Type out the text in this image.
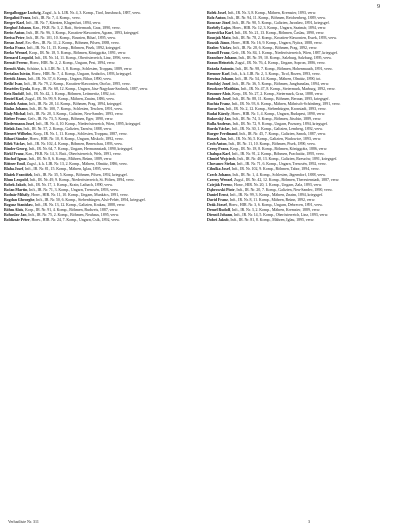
9

Bergalboggar Ludwig, Zugsf., k. k. LIR. Nr. 4, 3. Komp., Tirol, Innsbruck, 1887, verw.

Bergalini Franz, Inft., IR. Nr. 7, 4. Komp., verw.

Berger Karl, Inft., IR. Nr. 7, Kärnten, Klagenfurt, 1894, verw.

Berghof Johann, Kan., FKR. Nr. 3, 2. Batt., Steiermark, Graz, 1890, verw.

Berin Anton, Inft., IR. Nr. 96, 3. Komp., Kroatien-Slawonien, Agram, 1893, kriegsgef.

Berisa Peter, Inft., IR. Nr. 101, 10. Komp., Bosnien, Bihać, 1895, verw.

Beran Josef, Ers.-Res., IR. Nr. 11, 2. Komp., Böhmen, Pilsen, 1888, verw.

Berka Franz, Inft., IR. Nr. 11, 15. Komp., Böhmen, Pisek, 1892, kriegsgef.

Berko Wenzel, Korp., IR. Nr. 18, 5. Komp., Böhmen, Königgrätz, 1891, verw.

Bernard Leopold, Inft., IR. Nr. 14, 11. Komp., Oberösterreich, Linz, 1896, verw.

Bernát Ferenc, Honv., HIR. Nr. 2, 2. Komp., Ungarn, Pest, 1894, verw.

Berndt Alois, Schütze, k. k. LIR. Nr. 1, 8. Komp., Schlesien, Troppau, 1889, verw.

Bertalan István, Honv., HIR. Nr. 7, 4. Komp., Ungarn, Szabolcs, 1893, kriegsgef.

Bertók János, Inft., IR. Nr. 37, 6. Komp., Ungarn, Bihar, 1890, verw.

Bešlić Ivan, Inft., IR. Nr. 79, 2. Komp., Kroatien-Slawonien, Otočac, 1895, verw.

Beszédes Gyula, Korp., IR. Nr. 68, 12. Komp., Ungarn, Jász-Nagykun-Szolnok, 1887, verw.

Betz Rudolf, Inft., IR. Nr. 42, 1. Komp., Böhmen, Leitmeritz, 1892, tot.

Beutel Karl, Zugsf., IR. Nr. 99, 9. Komp., Mähren, Znaim, 1886, verw.

Bezdek Anton, Inft., IR. Nr. 28, 14. Komp., Böhmen, Prag, 1894, kriegsgef.

Bialas Johann, Inft., IR. Nr. 100, 7. Komp., Schlesien, Teschen, 1891, verw.

Biały Michał, Inft., IR. Nr. 20, 3. Komp., Galizien, Neu-Sandec, 1893, verw.

Bieber Franz, Gefr., IR. Nr. 73, 5. Komp., Böhmen, Eger, 1890, verw.

Biedermann Josef, Inft., IR. Nr. 4, 10. Komp., Niederösterreich, Wien, 1895, kriegsgef.

Bielak Jan, Inft., IR. Nr. 57, 2. Komp., Galizien, Tarnów, 1888, verw.

Bienert Wilhelm, Korp., IR. Nr. 1, 11. Komp., Schlesien, Troppau, 1887, verw.

Bihari Sándor, Honv., HIR. Nr. 10, 8. Komp., Ungarn, Miskolc, 1892, verw.

Bílek Václav, Inft., IR. Nr. 102, 4. Komp., Böhmen, Beneschau, 1893, verw.

Binder Georg, Inft., IR. Nr. 64, 7. Komp., Ungarn, Hermannstadt, 1890, kriegsgef.

Birkl Franz, Kan., FKR. Nr. 14, 3. Batt., Oberösterreich, Wels, 1891, verw.

Bischof Ignaz, Inft., IR. Nr. 8, 6. Komp., Mähren, Brünn, 1889, verw.

Bittner Emil, Zugsf., k. k. LIR. Nr. 13, 2. Komp., Mähren, Olmütz, 1886, verw.

Blaha Josef, Inft., IR. Nr. 81, 15. Komp., Mähren, Iglau, 1895, verw.

Blažek František, Inft., IR. Nr. 35, 5. Komp., Böhmen, Pilsen, 1892, kriegsgef.

Blum Leopold, Inft., IR. Nr. 49, 9. Komp., Niederösterreich, St. Pölten, 1894, verw.

Bobek Jakob, Inft., IR. Nr. 17, 1. Komp., Krain, Laibach, 1890, verw.

Bočan Martin, Inft., IR. Nr. 71, 3. Komp., Ungarn, Trencsén, 1893, verw.

Bodnár Mihály, Honv., HIR. Nr. 11, 10. Komp., Ungarn, Munkács, 1891, verw.

Bogdan Gheorghe, Inft., IR. Nr. 50, 6. Komp., Siebenbürgen, Alsó-Fehér, 1894, kriegsgef.

Bogusz Stanisław, Inft., IR. Nr. 13, 12. Komp., Galizien, Krakau, 1888, verw.

Böhm Alois, Korp., IR. Nr. 91, 4. Komp., Böhmen, Budweis, 1887, verw.

Bohuslav Jan, Inft., IR. Nr. 75, 2. Komp., Böhmen, Neuhaus, 1895, verw.

Boldizsár Péter, Honv., HIR. Nr. 24, 7. Komp., Ungarn, Csík, 1892, verw.

Bolek Josef, Inft., IR. Nr. 3, 8. Komp., Mähren, Kremsier, 1893, verw.

Bolz Anton, Inft., IR. Nr. 94, 11. Komp., Böhmen, Reichenberg, 1889, verw.

Bonczar Józef, Inft., IR. Nr. 90, 5. Komp., Galizien, Jarosław, 1891, kriegsgef.

Borbély Lajos, Honv., HIR. Nr. 12, 3. Komp., Ungarn, Szatmár, 1894, verw.

Borovička Karl, Inft., IR. Nr. 21, 13. Komp., Böhmen, Časlau, 1890, verw.

Bosnjak Mato, Inft., IR. Nr. 78, 2. Komp., Kroatien-Slawonien, Essek, 1893, verw.

Boszák János, Honv., HIR. Nr. 16, 9. Komp., Ungarn, Nyitra, 1888, verw.

Brabec Václav, Inft., IR. Nr. 28, 6. Komp., Böhmen, Prag, 1892, verw.

Brandl Franz, Gefr., IR. Nr. 84, 1. Komp., Niederösterreich, Wien, 1887, kriegsgef.

Brandner Johann, Inft., IR. Nr. 59, 10. Komp., Salzburg, Salzburg, 1895, verw.

Braun Heinrich, Zugsf., IR. Nr. 76, 4. Komp., Ungarn, Sopron, 1886, verw.

Brázda Antonín, Inft., IR. Nr. 98, 7. Komp., Böhmen, Hohenmauth, 1891, verw.

Brenner Karl, Inft., k. k. LIR. Nr. 2, 3. Komp., Tirol, Bozen, 1893, verw.

Brezina Johann, Inft., IR. Nr. 54, 14. Komp., Mähren, Olmütz, 1890, tot.

Brodský Josef, Inft., IR. Nr. 36, 5. Komp., Böhmen, Jungbunzlau, 1894, verw.

Bruckner Matthias, Inft., IR. Nr. 47, 8. Komp., Steiermark, Marburg, 1892, verw.

Brunner Alois, Korp., IR. Nr. 27, 2. Komp., Steiermark, Graz, 1888, verw.

Bubeník Josef, Inft., IR. Nr. 88, 11. Komp., Böhmen, Beraun, 1895, kriegsgef.

Buchta Franz, Inft., IR. Nr. 93, 6. Komp., Mähren, Mährisch-Schönberg, 1891, verw.

Bucur Ion, Inft., IR. Nr. 2, 12. Komp., Siebenbürgen, Kronstadt, 1893, verw.

Budai Károly, Honv., HIR. Nr. 1, 4. Komp., Ungarn, Budapest, 1890, verw.

Bukovský Jan, Inft., IR. Nr. 74, 3. Komp., Böhmen, Jitschin, 1889, verw.

Bulla Andreas, Inft., IR. Nr. 72, 9. Komp., Ungarn, Pozsony, 1894, kriegsgef.

Burda Václav, Inft., IR. Nr. 30, 1. Komp., Galizien, Lemberg, 1892, verw.

Burger Ferdinand, Inft., IR. Nr. 45, 7. Komp., Galizien, Sanok, 1887, verw.

Buszek Jan, Inft., IR. Nr. 56, 5. Komp., Galizien, Wadowice, 1893, verw.

Cech Anton, Inft., IR. Nr. 11, 10. Komp., Böhmen, Pisek, 1890, verw.

Cerny Franz, Korp., IR. Nr. 18, 8. Komp., Böhmen, Königgrätz, 1886, verw.

Chalupa Karl, Inft., IR. Nr. 91, 2. Komp., Böhmen, Prachatitz, 1895, verw.

Chmiel Wojciech, Inft., IR. Nr. 40, 13. Komp., Galizien, Rzeszów, 1891, kriegsgef.

Chovanec Štefan, Inft., IR. Nr. 71, 6. Komp., Ungarn, Trencsén, 1892, verw.

Cibulka Josef, Inft., IR. Nr. 102, 9. Komp., Böhmen, Tabor, 1894, verw.

Czech Johann, Inft., IR. Nr. 1, 4. Komp., Schlesien, Jägerndorf, 1888, verw.

Czerny Wenzel, Zugsf., IR. Nr. 42, 12. Komp., Böhmen, Theresienstadt, 1887, verw.

Czirják Ferenc, Honv., HIR. Nr. 20, 1. Komp., Ungarn, Zala, 1893, verw.

Dąbrowski Piotr, Inft., IR. Nr. 20, 7. Komp., Galizien, Neu-Sandec, 1890, verw.

Daniel Ernst, Inft., IR. Nr. 99, 3. Komp., Mähren, Znaim, 1894, kriegsgef.

David Franz, Inft., IR. Nr. 8, 11. Komp., Mähren, Brünn, 1892, verw.

Deák József, Honv., HIR. Nr. 3, 6. Komp., Ungarn, Debrecen, 1891, verw.

Demel Rudolf, Inft., IR. Nr. 3, 2. Komp., Mähren, Kremsier, 1889, verw.

Dienstl Johann, Inft., IR. Nr. 14, 5. Komp., Oberösterreich, Linz, 1893, verw.

Dobeš Jakub, Inft., IR. Nr. 81, 8. Komp., Mähren, Iglau, 1895, verw.

Verlustliste Nr. 311	3
